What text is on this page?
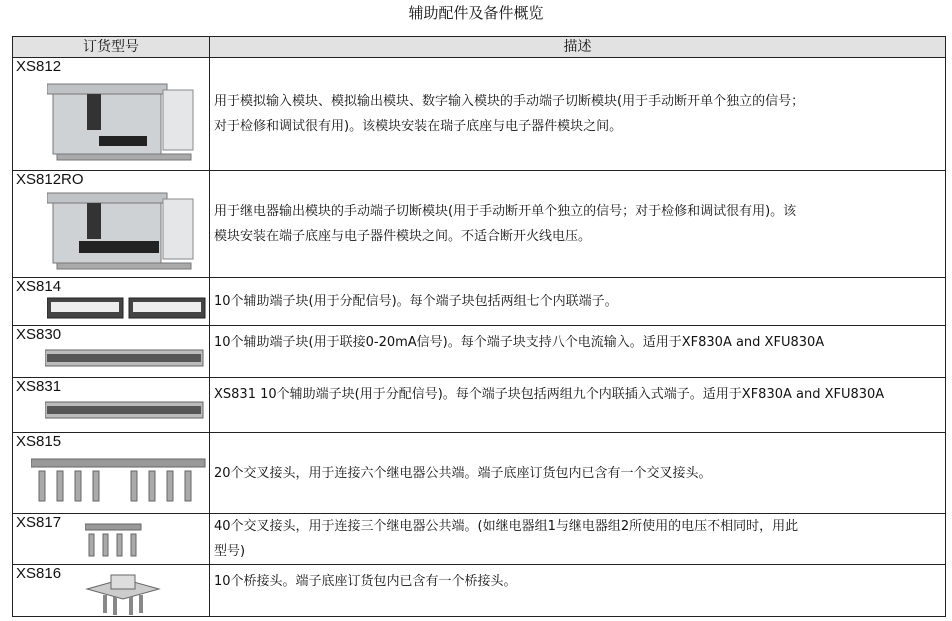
辅助配件及备件概览
订货型号	描述

XS812	用于模拟输入模块、模拟输出模块、数字输入模块的手动端子切断模块(用于手动断开单个独立的信号；对于检修和调试很有用)。该模块安装在瑞子底座与电子器件模块之间。

XS812RO	用于继电器输出模块的手动端子切断模块(用于手动断开单个独立的信号；对于检修和调试很有用)。该模块安装在端子底座与电子器件模块之间。不适合断开火线电压。

XS814	10个辅助端子块(用于分配信号)。每个端子块包括两组七个内联端子。

XS830	10个辅助端子块(用于联接0-20mA信号)。每个端子块支持八个电流输入。适用于XF830A and XFU830A

XS831	XS831 10个辅助端子块(用于分配信号)。每个端子块包括两组九个内联插入式端子。适用于XF830A and XFU830A

XS815	20个交叉接头，用于连接六个继电器公共端。端子底座订货包内已含有一个交叉接头。

XS817	40个交叉接头，用于连接三个继电器公共端。(如继电器组1与继电器组2所使用的电压不相同时，用此型号)

XS816	10个桥接头。端子底座订货包内已含有一个桥接头。
